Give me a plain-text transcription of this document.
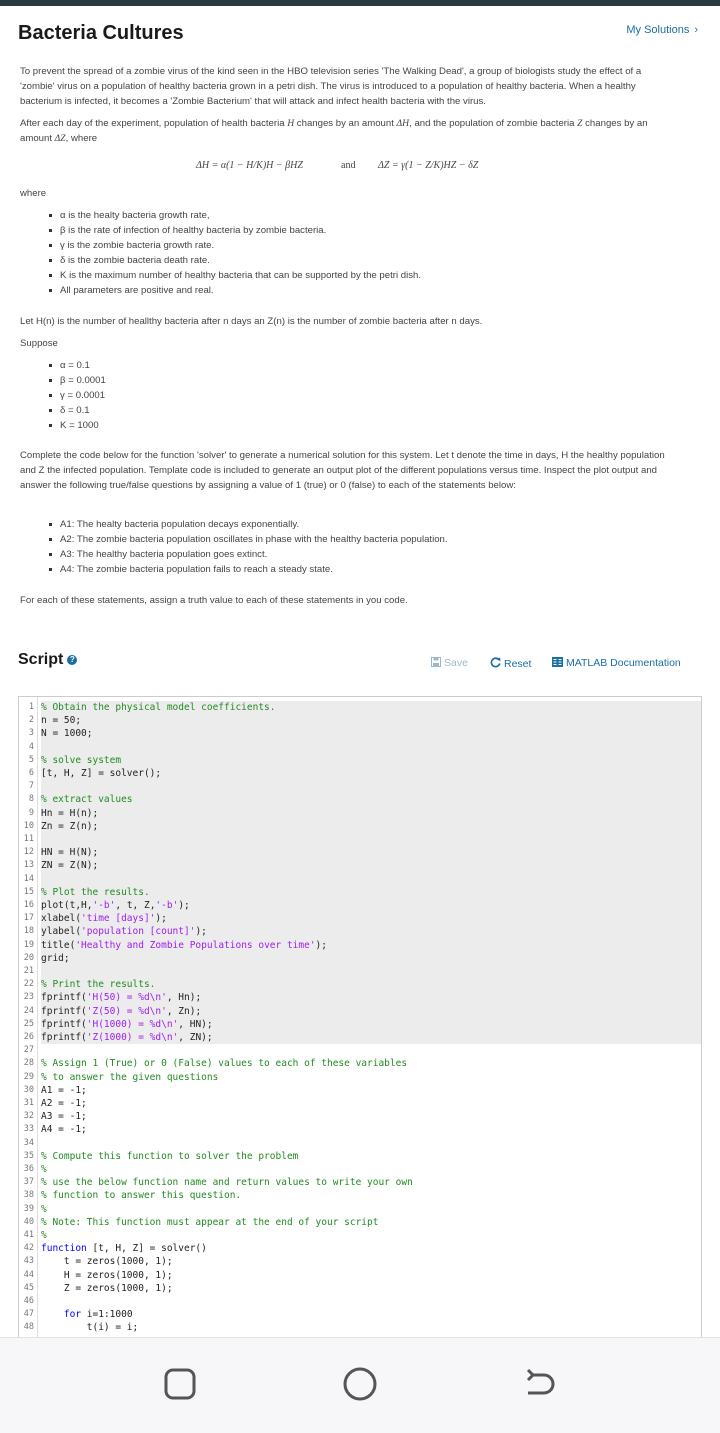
Bacteria Cultures	My Solutions ›

To prevent the spread of a zombie virus of the kind seen in the HBO television series 'The Walking Dead', a group of biologists study the effect of a 'zombie' virus on a population of healthy bacteria grown in a petri dish. The virus is introduced to a population of healthy bacteria. When a healthy bacterium is infected, it becomes a 'Zombie Bacterium' that will attack and infect health bacteria with the virus.

After each day of the experiment, population of health bacteria H changes by an amount ΔH, and the population of zombie bacteria Z changes by an amount ΔZ, where

ΔH = α(1 − H/K)H − βHZ	and ΔZ = γ(1 − Z/K)HZ − δZ
where
α is the healty bacteria growth rate,
β is the rate of infection of healthy bacteria by zombie bacteria.
γ is the zombie bacteria growth rate.
δ is the zombie bacteria death rate.
K is the maximum number of healthy bacteria that can be supported by the petri dish.
All parameters are positive and real.
Let H(n) is the number of heallthy bacteria after n days an Z(n) is the number of zombie bacteria after n days.
Suppose
α = 0.1
β = 0.0001
γ = 0.0001
δ = 0.1
K = 1000
Complete the code below for the function 'solver' to generate a numerical solution for this system. Let t denote the time in days, H the healthy population and Z the infected population. Template code is included to generate an output plot of the different populations versus time. Inspect the plot output and answer the following true/false questions by assigning a value of 1 (true) or 0 (false) to each of the statements below:
A1: The healty bacteria population decays exponentially.
A2: The zombie bacteria population oscillates in phase with the healthy bacteria population.
A3: The healthy bacteria population goes extinct.
A4: The zombie bacteria population fails to reach a steady state.
For each of these statements, assign a truth value to each of these statements in you code.
Script ?	Save	Reset	MATLAB Documentation
1 % Obtain the physical model coefficients.
2 n = 50;
3 N = 1000;
4

5 % solve system
6 [t, H, Z] = solver();
7

8 % extract values
9 Hn = H(n);
10 Zn = Z(n);
11

12 HN = H(N);
13 ZN = Z(N);
14

15 % Plot the results.
16 plot(t,H,'-b', t, Z,'-b');
17 xlabel('time [days]');
18 ylabel('population [count]');
19 title('Healthy and Zombie Populations over time');
20 grid;
21

22 % Print the results.
23 fprintf('H(50) = %d\n', Hn);
24 fprintf('Z(50) = %d\n', Zn);
25 fprintf('H(1000) = %d\n', HN);
26 fprintf('Z(1000) = %d\n', ZN);
27

28 % Assign 1 (True) or 0 (False) values to each of these variables
29 % to answer the given questions
30 A1 = -1;
31 A2 = -1;
32 A3 = -1;
33 A4 = -1;
34

35 % Compute this function to solver the problem
36 %
37 % use the below function name and return values to write your own
38 % function to answer this question.
39 %
40 % Note: This function must appear at the end of your script
41 %
42 function [t, H, Z] = solver()
43 t = zeros(1000, 1);
44 H = zeros(1000, 1);
45 Z = zeros(1000, 1);
46

47	for i=1:1000
48 t(i) = i;
